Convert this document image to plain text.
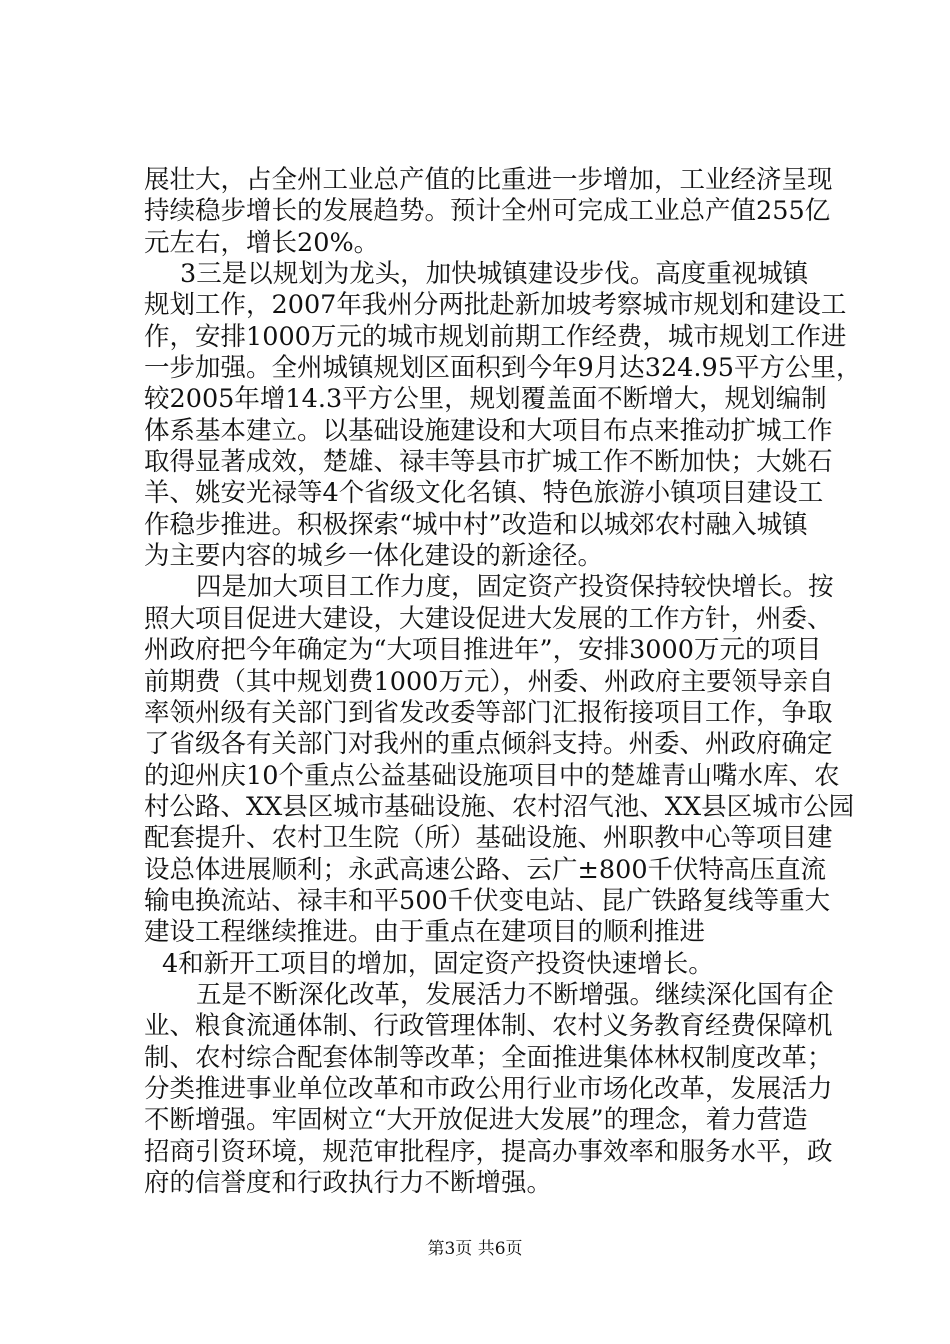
展壮大，占全州工业总产值的比重进一步增加，工业经济呈现
持续稳步增长的发展趋势。预计全州可完成工业总产值255亿
元左右，增长20%。
3三是以规划为龙头，加快城镇建设步伐。高度重视城镇
规划工作，2007年我州分两批赴新加坡考察城市规划和建设工
作，安排1000万元的城市规划前期工作经费，城市规划工作进
一步加强。全州城镇规划区面积到今年9月达324.95平方公里，
较2005年增14.3平方公里，规划覆盖面不断增大，规划编制
体系基本建立。以基础设施建设和大项目布点来推动扩城工作
取得显著成效，楚雄、禄丰等县市扩城工作不断加快；大姚石
羊、姚安光禄等4个省级文化名镇、特色旅游小镇项目建设工
作稳步推进。积极探索“城中村”改造和以城郊农村融入城镇
为主要内容的城乡一体化建设的新途径。
四是加大项目工作力度，固定资产投资保持较快增长。按
照大项目促进大建设，大建设促进大发展的工作方针，州委、
州政府把今年确定为“大项目推进年”，安排3000万元的项目
前期费（其中规划费1000万元），州委、州政府主要领导亲自
率领州级有关部门到省发改委等部门汇报衔接项目工作，争取
了省级各有关部门对我州的重点倾斜支持。州委、州政府确定
的迎州庆10个重点公益基础设施项目中的楚雄青山嘴水库、农
村公路、XX县区城市基础设施、农村沼气池、XX县区城市公园
配套提升、农村卫生院（所）基础设施、州职教中心等项目建
设总体进展顺利；永武高速公路、云广±800千伏特高压直流
输电换流站、禄丰和平500千伏变电站、昆广铁路复线等重大
建设工程继续推进。由于重点在建项目的顺利推进
4和新开工项目的增加，固定资产投资快速增长。
五是不断深化改革，发展活力不断增强。继续深化国有企
业、粮食流通体制、行政管理体制、农村义务教育经费保障机
制、农村综合配套体制等改革；全面推进集体林权制度改革；
分类推进事业单位改革和市政公用行业市场化改革，发展活力
不断增强。牢固树立“大开放促进大发展”的理念，着力营造
招商引资环境，规范审批程序，提高办事效率和服务水平，政
府的信誉度和行政执行力不断增强。
第3页 共6页
